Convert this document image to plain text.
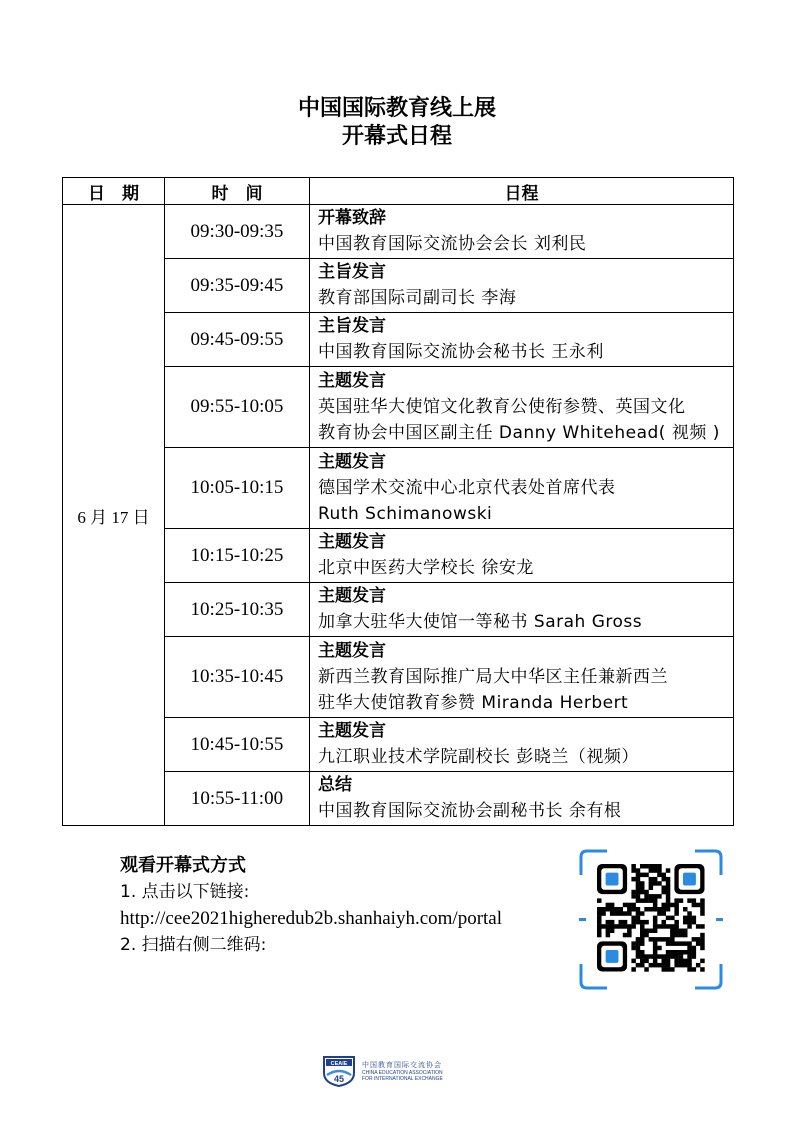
中国国际教育线上展
开幕式日程
日　期	时　间	日程
6 月 17 日	09:30-09:35	开幕致辞
中国教育国际交流协会会长 刘利民

	09:35-09:45	主旨发言
教育部国际司副司长 李海

	09:45-09:55	主旨发言
中国教育国际交流协会秘书长 王永利

	09:55-10:05	主题发言
英国驻华大使馆文化教育公使衔参赞、英国文化
教育协会中国区副主任 Danny Whitehead( 视频 )

	10:05-10:15	主题发言
德国学术交流中心北京代表处首席代表
Ruth Schimanowski

	10:15-10:25	主题发言
北京中医药大学校长 徐安龙

	10:25-10:35	主题发言
加拿大驻华大使馆一等秘书 Sarah Gross

	10:35-10:45	主题发言
新西兰教育国际推广局大中华区主任兼新西兰
驻华大使馆教育参赞 Miranda Herbert

	10:45-10:55	主题发言
九江职业技术学院副校长 彭晓兰（视频）

	10:55-11:00	总结
中国教育国际交流协会副秘书长 余有根
观看开幕式方式
1. 点击以下链接:
http://cee2021higheredub2b.shanhaiyh.com/portal
2. 扫描右侧二维码:
CEAIE
45
中国教育国际交流协会
CHINA EDUCATION ASSOCIATION
FOR INTERNATIONAL EXCHANGE
